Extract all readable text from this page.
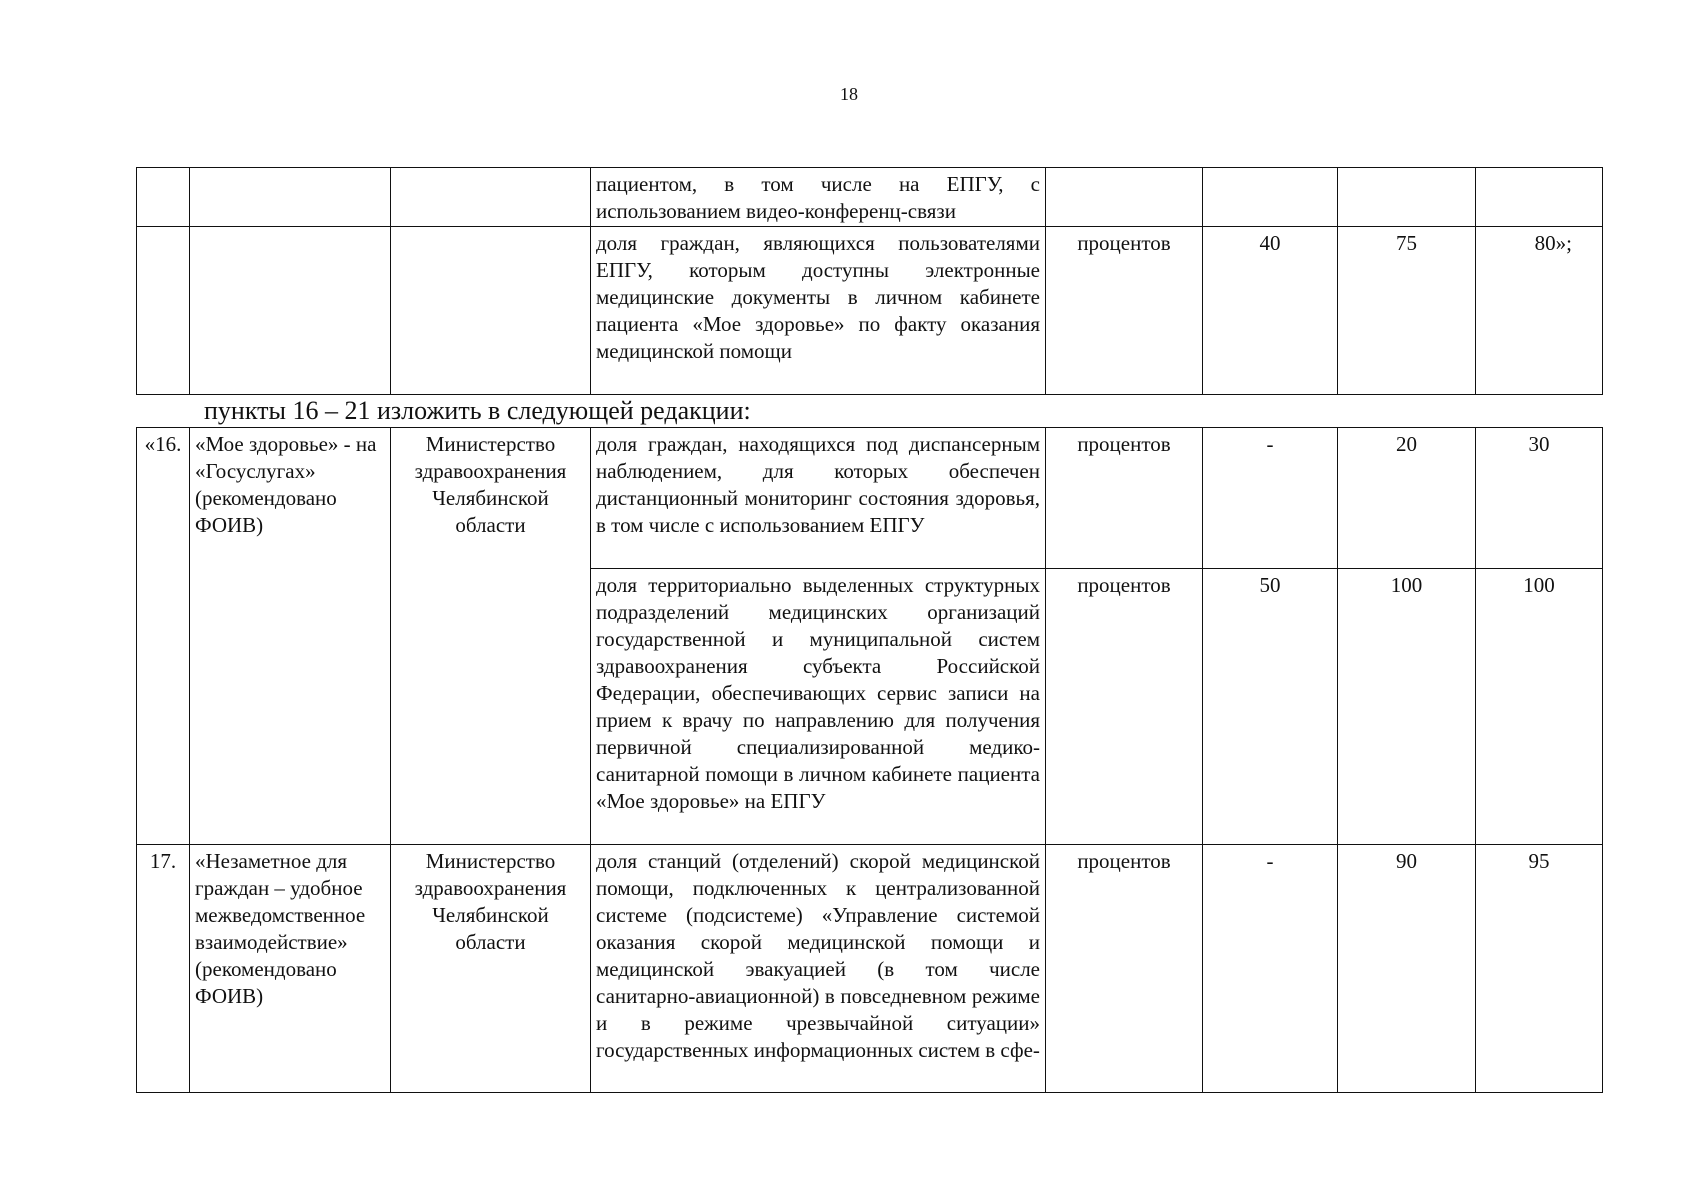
18
			пациентом, в том числе на ЕПГУ, с использованием видео-конференц-связи				
			доля граждан, являющихся пользователями ЕПГУ, которым доступны электронные медицинские документы в личном кабинете пациента «Мое здоровье» по факту оказания медицинской помощи	процентов	40	75	80»;
пункты 16 – 21 изложить в следующей редакции:
«16.	«Мое здоровье» - на «Госуслугах» (рекомендовано ФОИВ)	Министерство здравоохранения Челябинской области	доля граждан, находящихся под диспансерным наблюдением, для которых обеспечен дистанционный мониторинг состояния здоровья, в том числе с использованием ЕПГУ	процентов	-	20	30
			доля территориально выделенных структурных подразделений медицинских организаций государственной и муниципальной систем здравоохранения субъекта Российской Федерации, обеспечивающих сервис записи на прием к врачу по направлению для получения первичной специализированной медико-санитарной помощи в личном кабинете пациента «Мое здоровье» на ЕПГУ	процентов	50	100	100
17.	«Незаметное для граждан – удобное межведомственное взаимодействие» (рекомендовано ФОИВ)	Министерство здравоохранения Челябинской области	доля станций (отделений) скорой медицинской помощи, подключенных к централизованной системе (подсистеме) «Управление системой оказания скорой медицинской помощи и медицинской эвакуацией (в том числе санитарно-авиационной) в повседневном режиме и в режиме чрезвычайной ситуации» государственных информационных систем в сфе-	процентов	-	90	95
